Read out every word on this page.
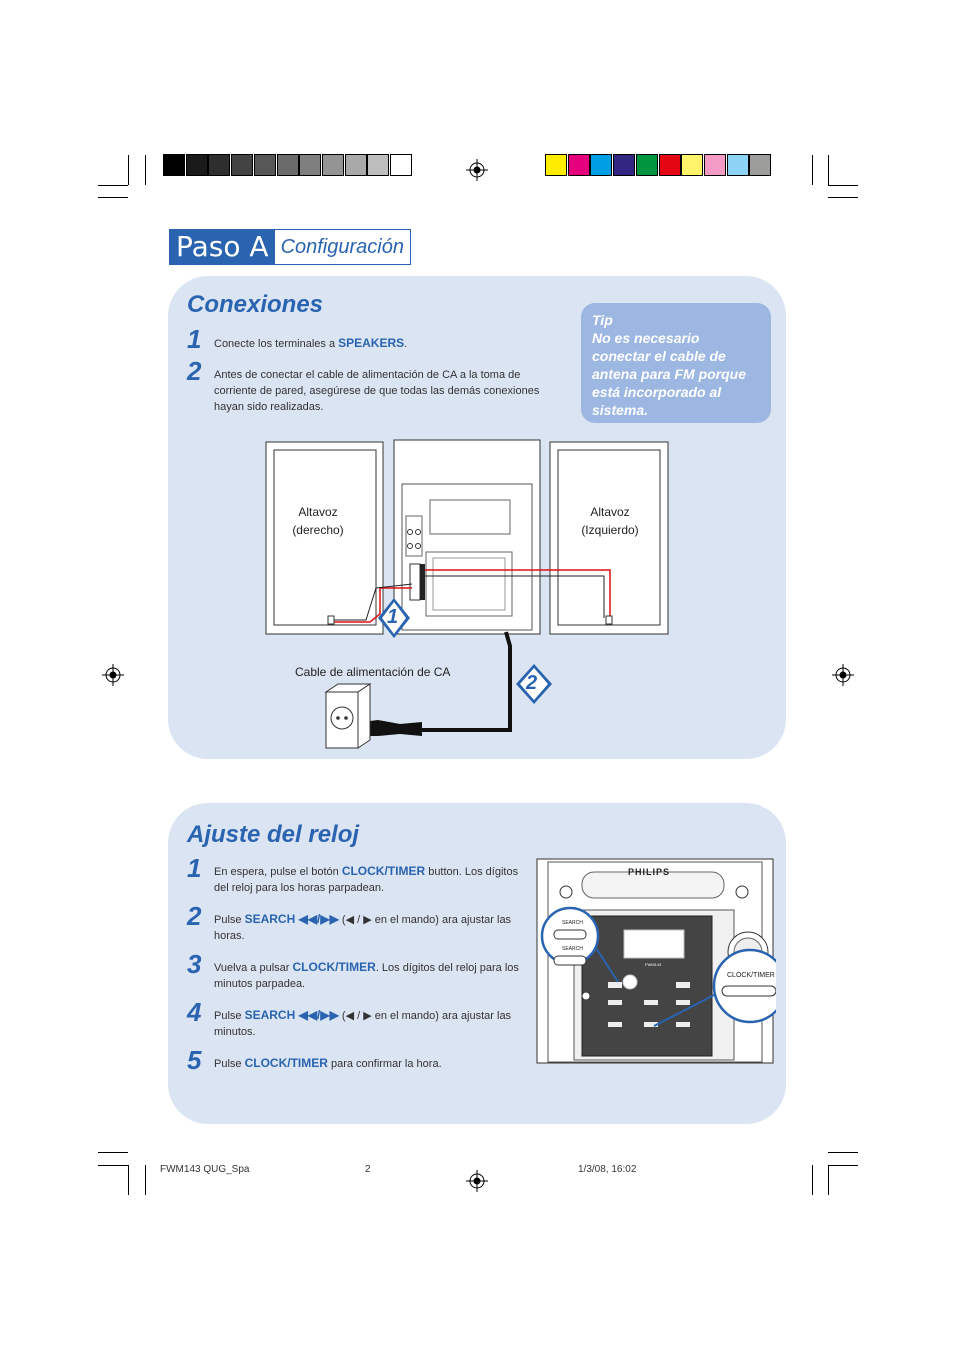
Paso A Configuración
Conexiones
1 Conecte los terminales a SPEAKERS.
2 Antes de conectar el cable de alimentación de CA a la toma de corriente de pared, asegúrese de que todas las demás conexiones hayan sido realizadas.
Tip
No es necesario conectar el cable de antena para FM porque está incorporado al sistema.
1
2
Altavoz
(derecho)
Altavoz
(Izquierdo)
Cable de alimentación de CA
Ajuste del reloj
1 En espera, pulse el botón CLOCK/TIMER button. Los dígitos del reloj para los horas parpadean.
2 Pulse SEARCH ◀◀/▶▶ (◀ / ▶ en el mando) ara ajustar las horas.
3 Vuelva a pulsar CLOCK/TIMER. Los dígitos del reloj para los minutos parpadea.
4 Pulse SEARCH ◀◀/▶▶ (◀ / ▶ en el mando) ara ajustar las minutos.
5 Pulse CLOCK/TIMER para confirmar la hora.
PHILIPS
SEARCH
SEARCH
CLOCK/TIMER
FWM143
FWM143 QUG_Spa	2	1/3/08, 16:02
